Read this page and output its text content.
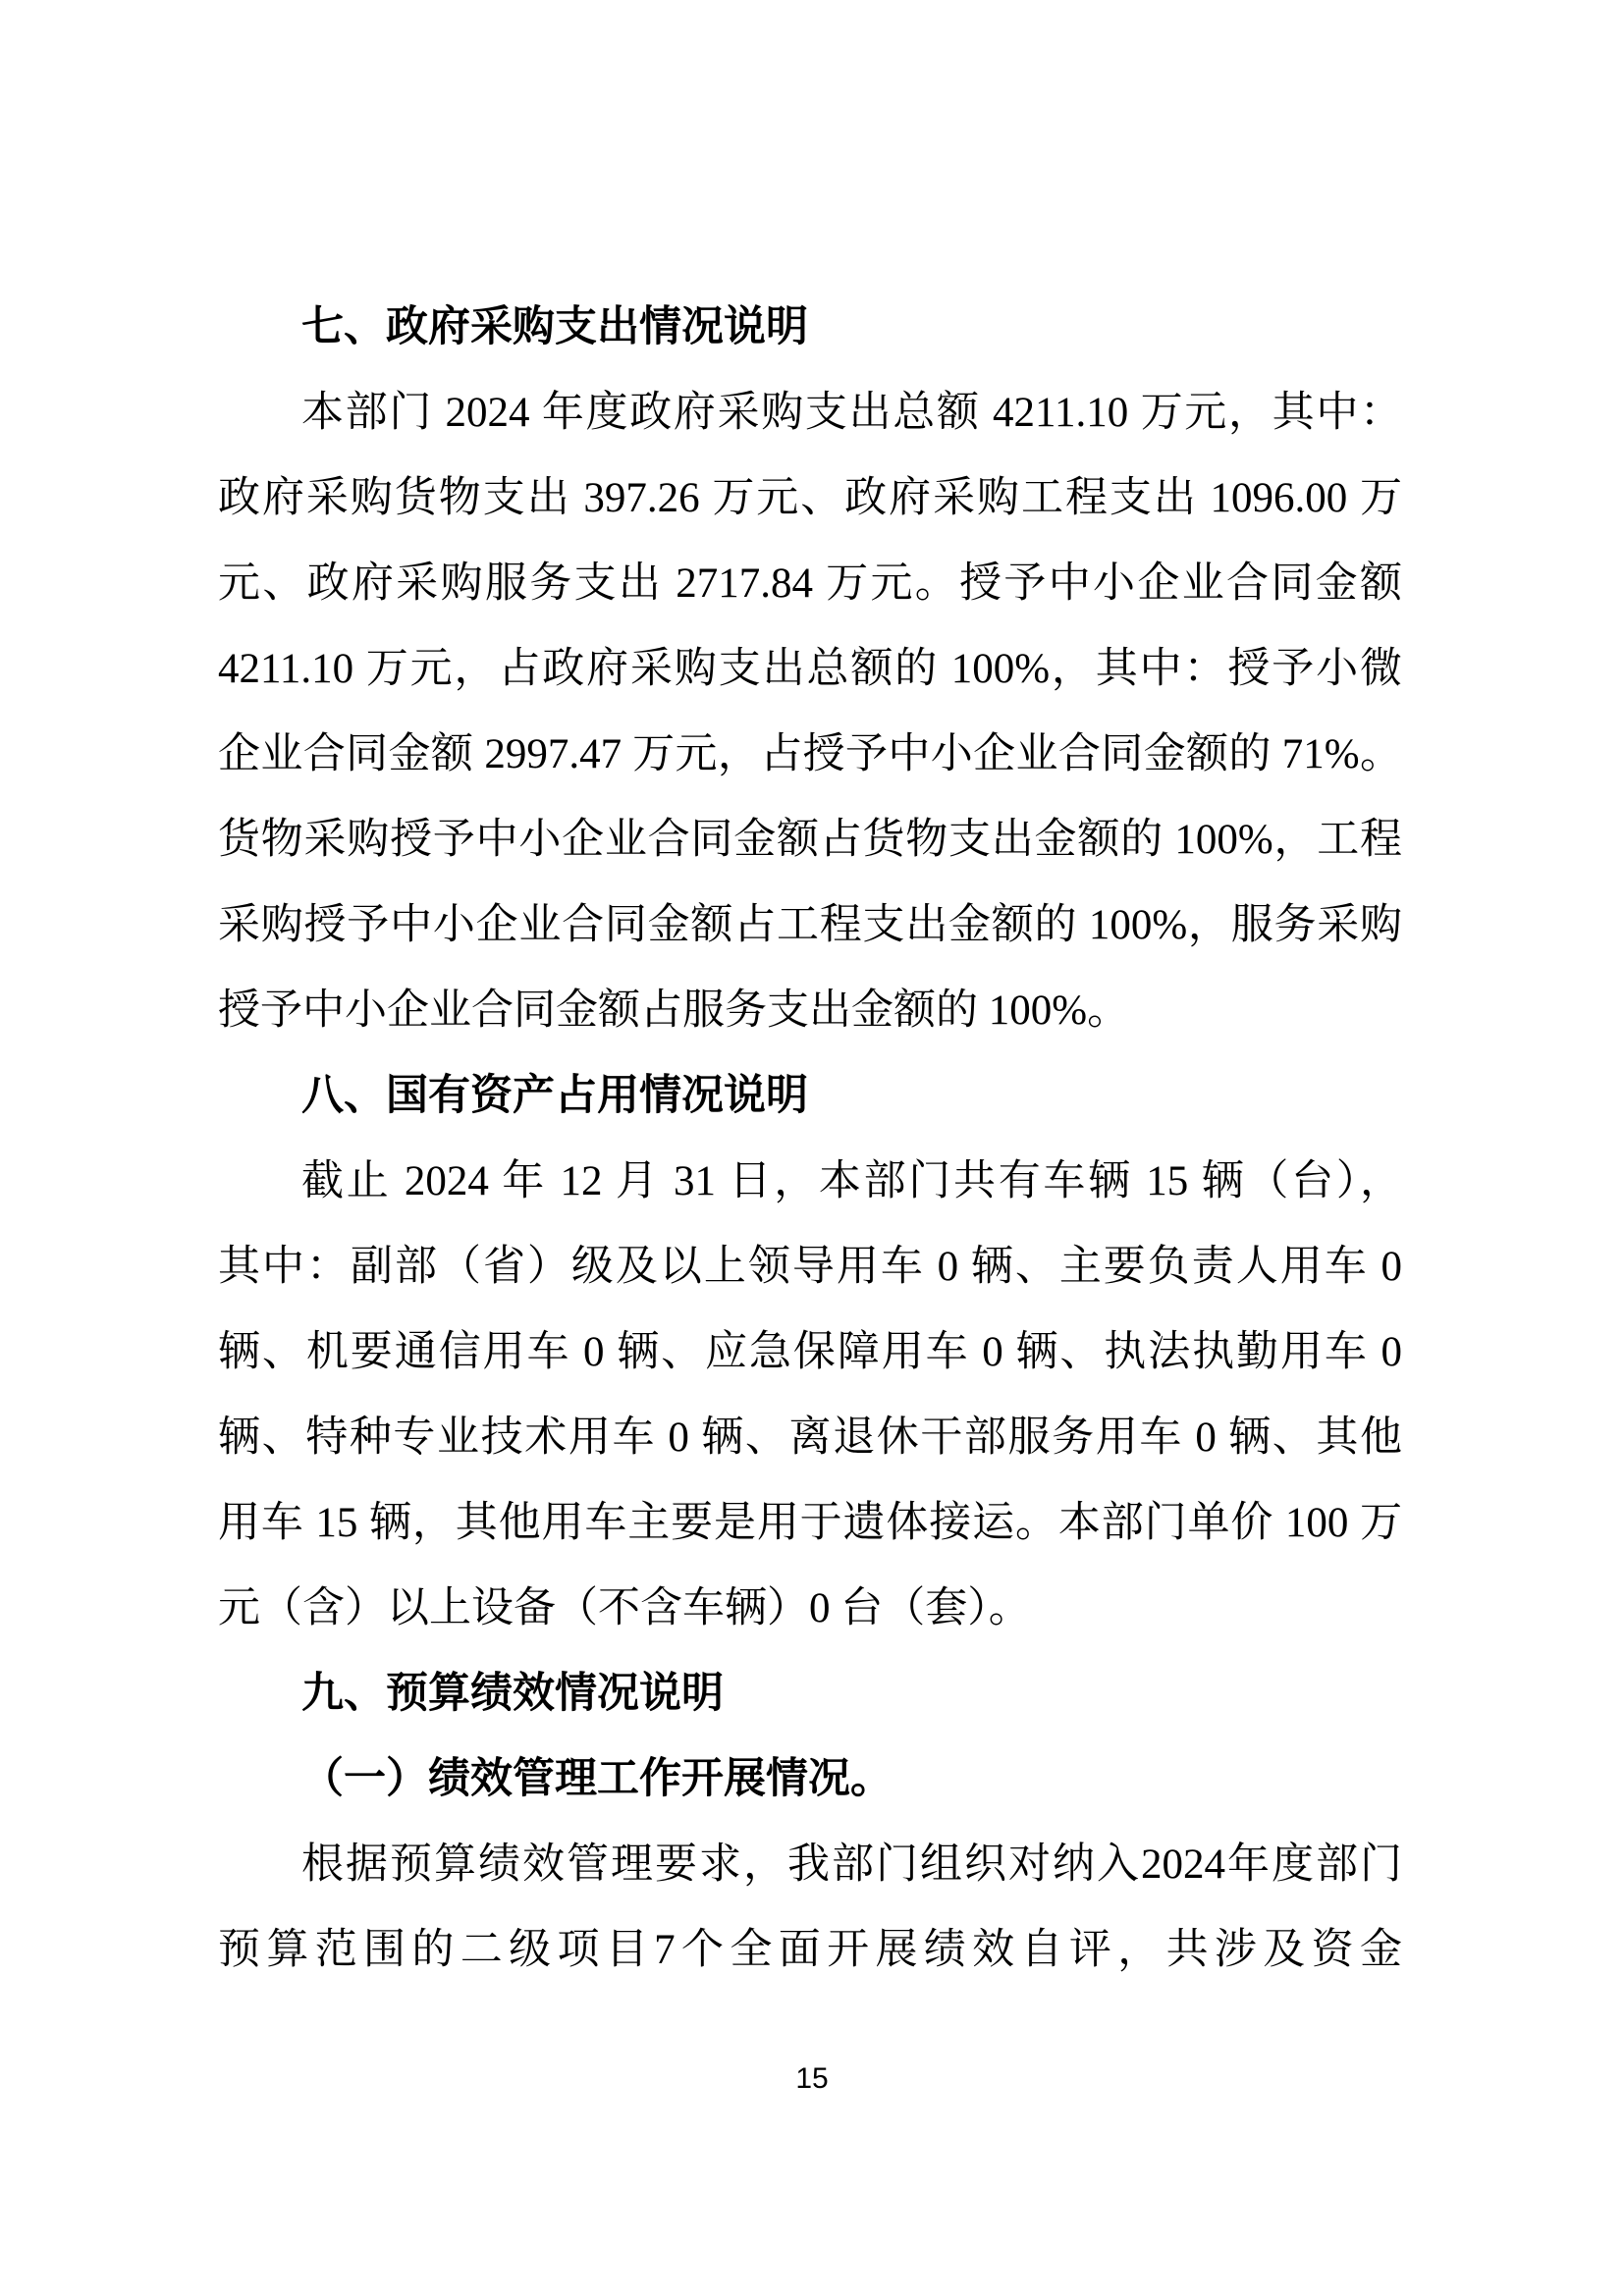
七、政府采购支出情况说明
本部门 2024 年度政府采购支出总额 4211.10 万元，其中：
政府采购货物支出 397.26 万元、政府采购工程支出 1096.00 万
元、政府采购服务支出 2717.84 万元。授予中小企业合同金额
4211.10 万元，占政府采购支出总额的 100%，其中：授予小微
企业合同金额 2997.47 万元，占授予中小企业合同金额的 71%。
货物采购授予中小企业合同金额占货物支出金额的 100%，工程
采购授予中小企业合同金额占工程支出金额的 100%，服务采购
授予中小企业合同金额占服务支出金额的 100%。
八、国有资产占用情况说明
截止 2024 年 12 月 31 日，本部门共有车辆 15 辆（台），
其中：副部（省）级及以上领导用车 0 辆、主要负责人用车 0
辆、机要通信用车 0 辆、应急保障用车 0 辆、执法执勤用车 0
辆、特种专业技术用车 0 辆、离退休干部服务用车 0 辆、其他
用车 15 辆，其他用车主要是用于遗体接运。本部门单价 100 万
元（含）以上设备（不含车辆）0 台（套）。
九、预算绩效情况说明
（一）绩效管理工作开展情况。
根据预算绩效管理要求，我部门组织对纳入2024年度部门
预算范围的二级项目7个全面开展绩效自评，共涉及资金
15
